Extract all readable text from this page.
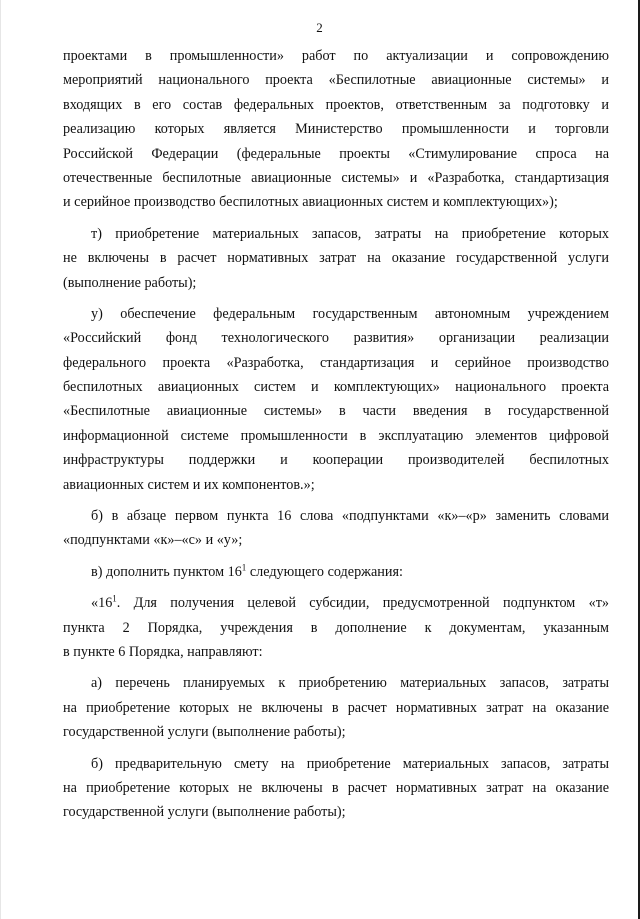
2
проектами в промышленности» работ по актуализации и сопровождению
мероприятий национального проекта «Беспилотные авиационные системы» и
входящих в его состав федеральных проектов, ответственным за подготовку и
реализацию которых является Министерство промышленности и торговли
Российской Федерации (федеральные проекты «Стимулирование спроса на
отечественные беспилотные авиационные системы» и «Разработка, стандартизация
и серийное производство беспилотных авиационных систем и комплектующих»);
т) приобретение материальных запасов, затраты на приобретение которых
не включены в расчет нормативных затрат на оказание государственной услуги
(выполнение работы);
у) обеспечение федеральным государственным автономным учреждением
«Российский фонд технологического развития» организации реализации
федерального проекта «Разработка, стандартизация и серийное производство
беспилотных авиационных систем и комплектующих» национального проекта
«Беспилотные авиационные системы» в части введения в государственной
информационной системе промышленности в эксплуатацию элементов цифровой
инфраструктуры поддержки и кооперации производителей беспилотных
авиационных систем и их компонентов.»;
б) в абзаце первом пункта 16 слова «подпунктами «к»–«р» заменить словами
«подпунктами «к»–«с» и «у»;
в) дополнить пунктом $16^1$ следующего содержания:
«$16^1$. Для получения целевой субсидии, предусмотренной подпунктом «т»
пункта 2 Порядка, учреждения в дополнение к документам, указанным
в пункте 6 Порядка, направляют:
а) перечень планируемых к приобретению материальных запасов, затраты
на приобретение которых не включены в расчет нормативных затрат на оказание
государственной услуги (выполнение работы);
б) предварительную смету на приобретение материальных запасов, затраты
на приобретение которых не включены в расчет нормативных затрат на оказание
государственной услуги (выполнение работы);
